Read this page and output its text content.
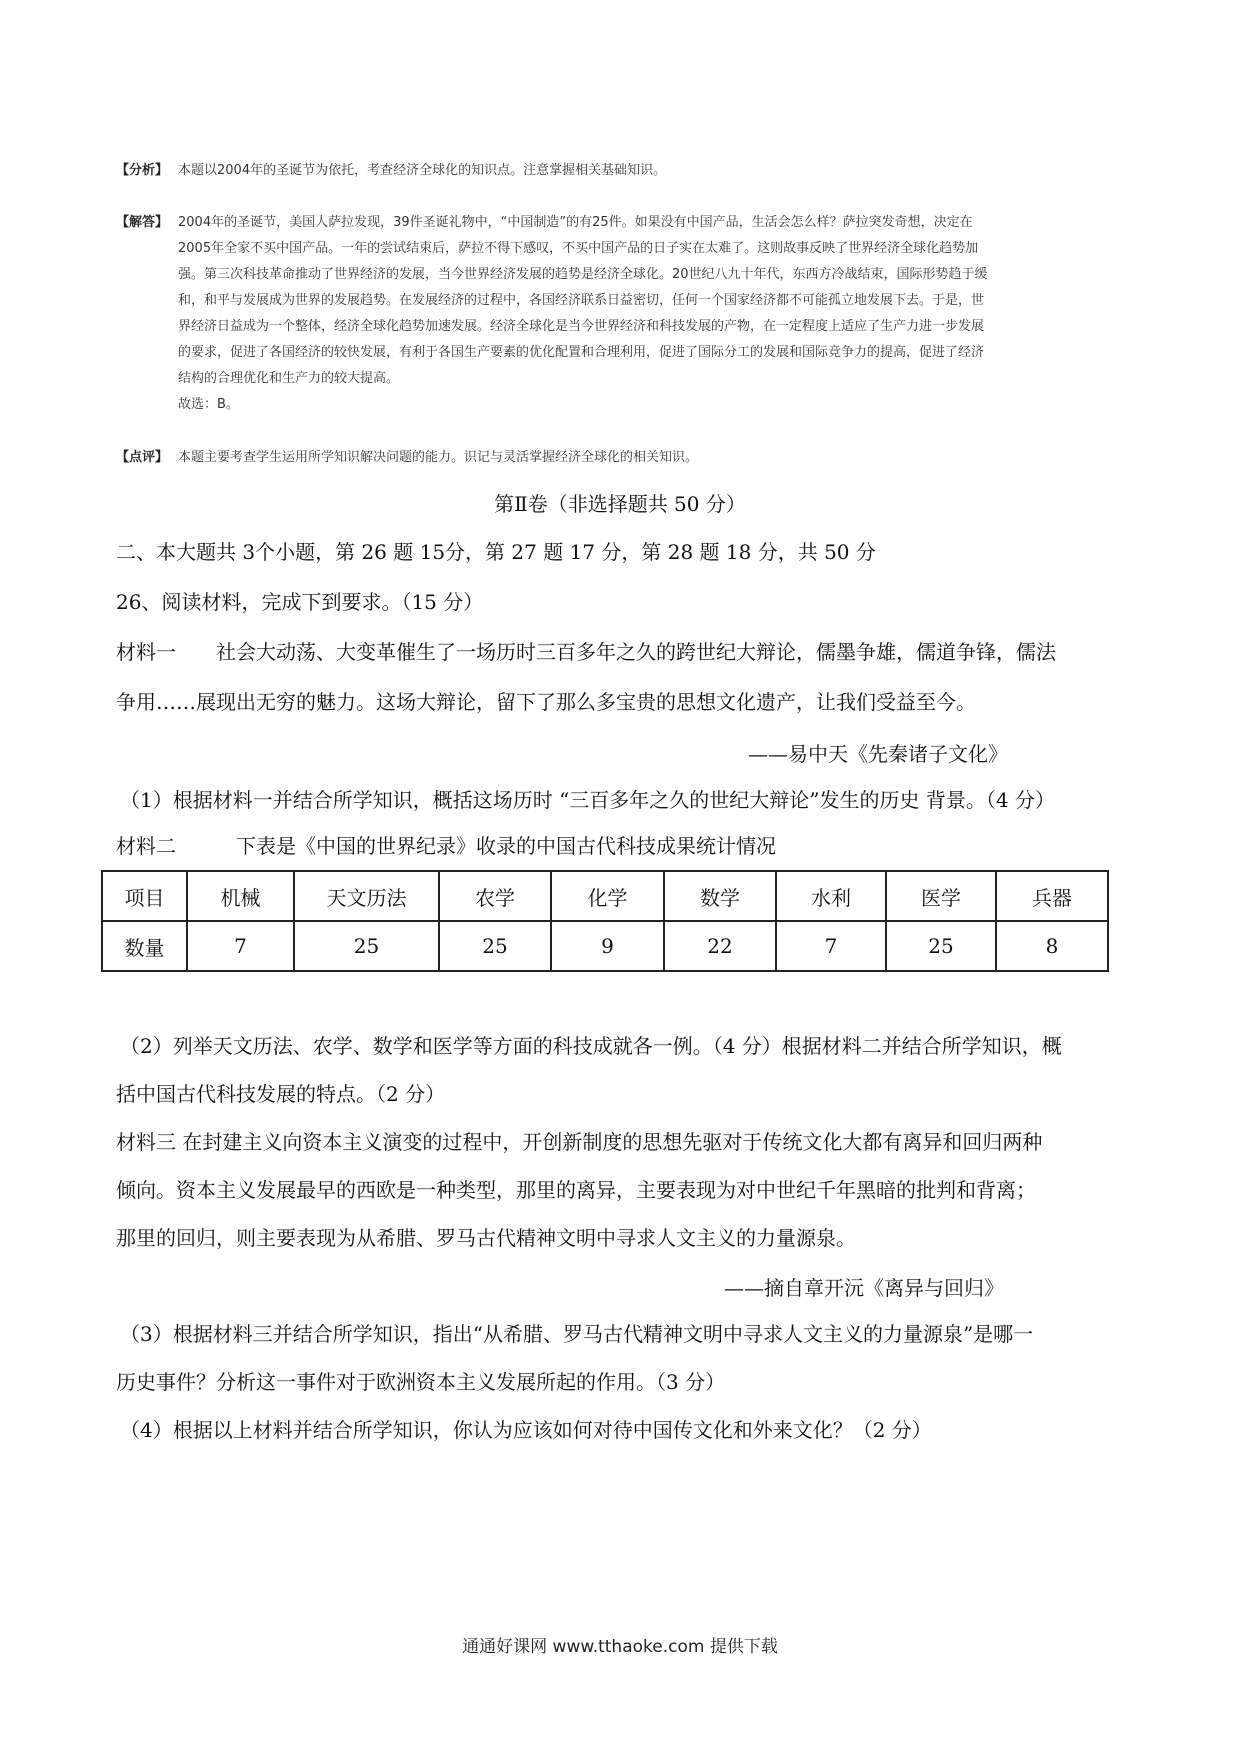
【分析】 本题以2004年的圣诞节为依托，考查经济全球化的知识点。注意掌握相关基础知识。
【解答】 2004年的圣诞节，美国人萨拉发现，39件圣诞礼物中，“中国制造”的有25件。如果没有中国产品，生活会怎么样？萨拉突发奇想，决定在
2005年全家不买中国产品。一年的尝试结束后，萨拉不得下感叹，不买中国产品的日子实在太难了。这则故事反映了世界经济全球化趋势加
强。第三次科技革命推动了世界经济的发展，当今世界经济发展的趋势是经济全球化。20世纪八九十年代，东西方冷战结束，国际形势趋于缓
和，和平与发展成为世界的发展趋势。在发展经济的过程中，各国经济联系日益密切，任何一个国家经济都不可能孤立地发展下去。于是，世
界经济日益成为一个整体，经济全球化趋势加速发展。经济全球化是当今世界经济和科技发展的产物，在一定程度上适应了生产力进一步发展
的要求，促进了各国经济的较快发展，有利于各国生产要素的优化配置和合理利用，促进了国际分工的发展和国际竞争力的提高，促进了经济
结构的合理优化和生产力的较大提高。
故选：B。
【点评】 本题主要考查学生运用所学知识解决问题的能力。识记与灵活掌握经济全球化的相关知识。
第Ⅱ卷（非选择题共 50 分）
二、本大题共 3个小题，第 26 题 15分，第 27 题 17 分，第 28 题 18 分，共 50 分
26、阅读材料，完成下到要求。（15 分）
材料一　　社会大动荡、大变革催生了一场历时三百多年之久的跨世纪大辩论，儒墨争雄，儒道争锋，儒法
争用……展现出无穷的魅力。这场大辩论，留下了那么多宝贵的思想文化遗产，让我们受益至今。
——易中天《先秦诸子文化》
（1）根据材料一并结合所学知识，概括这场历时 “三百多年之久的世纪大辩论”发生的历史 背景。（4 分）
材料二　　　下表是《中国的世界纪录》收录的中国古代科技成果统计情况
项目	机械	天文历法	农学	化学	数学	水利	医学	兵器
数量	7	25	25	9	22	7	25	8
（2）列举天文历法、农学、数学和医学等方面的科技成就各一例。（4 分）根据材料二并结合所学知识，概
括中国古代科技发展的特点。（2 分）
材料三 在封建主义向资本主义演变的过程中，开创新制度的思想先驱对于传统文化大都有离异和回归两种
倾向。资本主义发展最早的西欧是一种类型，那里的离异，主要表现为对中世纪千年黑暗的批判和背离；
那里的回归，则主要表现为从希腊、罗马古代精神文明中寻求人文主义的力量源泉。
——摘自章开沅《离异与回归》
（3）根据材料三并结合所学知识，指出“从希腊、罗马古代精神文明中寻求人文主义的力量源泉”是哪一
历史事件？分析这一事件对于欧洲资本主义发展所起的作用。（3 分）
（4）根据以上材料并结合所学知识，你认为应该如何对待中国传文化和外来文化？（2 分）
通通好课网 www.tthaoke.com 提供下载
